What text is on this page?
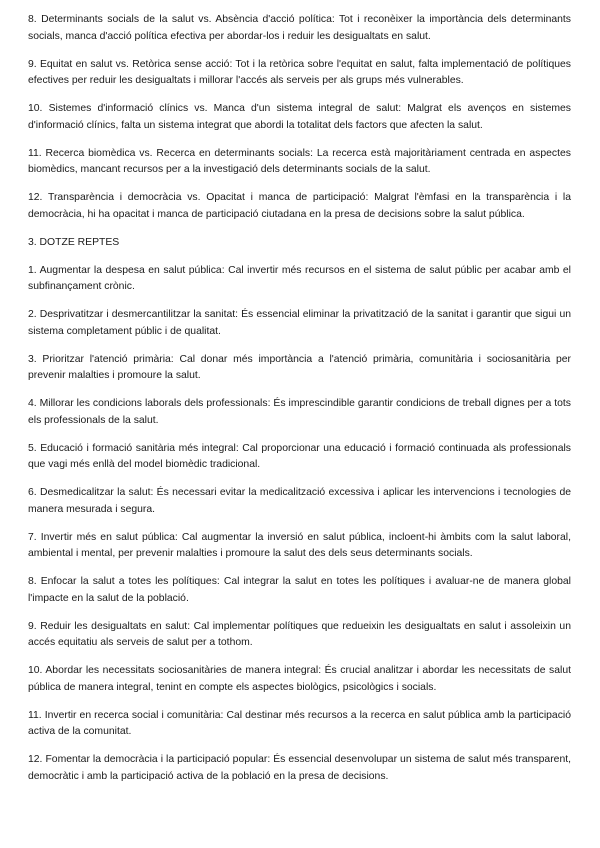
8. Determinants socials de la salut vs. Absència d'acció política: Tot i reconèixer la importància dels determinants socials, manca d'acció política efectiva per abordar-los i reduir les desigualtats en salut.

9. Equitat en salut vs. Retòrica sense acció: Tot i la retòrica sobre l'equitat en salut, falta implementació de polítiques efectives per reduir les desigualtats i millorar l'accés als serveis per als grups més vulnerables.

10. Sistemes d'informació clínics vs. Manca d'un sistema integral de salut: Malgrat els avenços en sistemes d'informació clínics, falta un sistema integrat que abordi la totalitat dels factors que afecten la salut.

11. Recerca biomèdica vs. Recerca en determinants socials: La recerca està majoritàriament centrada en aspectes biomèdics, mancant recursos per a la investigació dels determinants socials de la salut.

12. Transparència i democràcia vs. Opacitat i manca de participació: Malgrat l'èmfasi en la transparència i la democràcia, hi ha opacitat i manca de participació ciutadana en la presa de decisions sobre la salut pública.

3. DOTZE REPTES

1. Augmentar la despesa en salut pública: Cal invertir més recursos en el sistema de salut públic per acabar amb el subfinançament crònic.

2. Desprivatitzar i desmercantilitzar la sanitat: És essencial eliminar la privatització de la sanitat i garantir que sigui un sistema completament públic i de qualitat.

3. Prioritzar l'atenció primària: Cal donar més importància a l'atenció primària, comunitària i sociosanitària per prevenir malalties i promoure la salut.

4. Millorar les condicions laborals dels professionals: És imprescindible garantir condicions de treball dignes per a tots els professionals de la salut.

5. Educació i formació sanitària més integral: Cal proporcionar una educació i formació continuada als professionals que vagi més enllà del model biomèdic tradicional.

6. Desmedicalitzar la salut: És necessari evitar la medicalització excessiva i aplicar les intervencions i tecnologies de manera mesurada i segura.

7. Invertir més en salut pública: Cal augmentar la inversió en salut pública, incloent-hi àmbits com la salut laboral, ambiental i mental, per prevenir malalties i promoure la salut des dels seus determinants socials.

8. Enfocar la salut a totes les polítiques: Cal integrar la salut en totes les polítiques i avaluar-ne de manera global l'impacte en la salut de la població.

9. Reduir les desigualtats en salut: Cal implementar polítiques que redueixin les desigualtats en salut i assoleixin un accés equitatiu als serveis de salut per a tothom.

10. Abordar les necessitats sociosanitàries de manera integral: És crucial analitzar i abordar les necessitats de salut pública de manera integral, tenint en compte els aspectes biològics, psicològics i socials.

11. Invertir en recerca social i comunitària: Cal destinar més recursos a la recerca en salut pública amb la participació activa de la comunitat.

12. Fomentar la democràcia i la participació popular: És essencial desenvolupar un sistema de salut més transparent, democràtic i amb la participació activa de la població en la presa de decisions.
